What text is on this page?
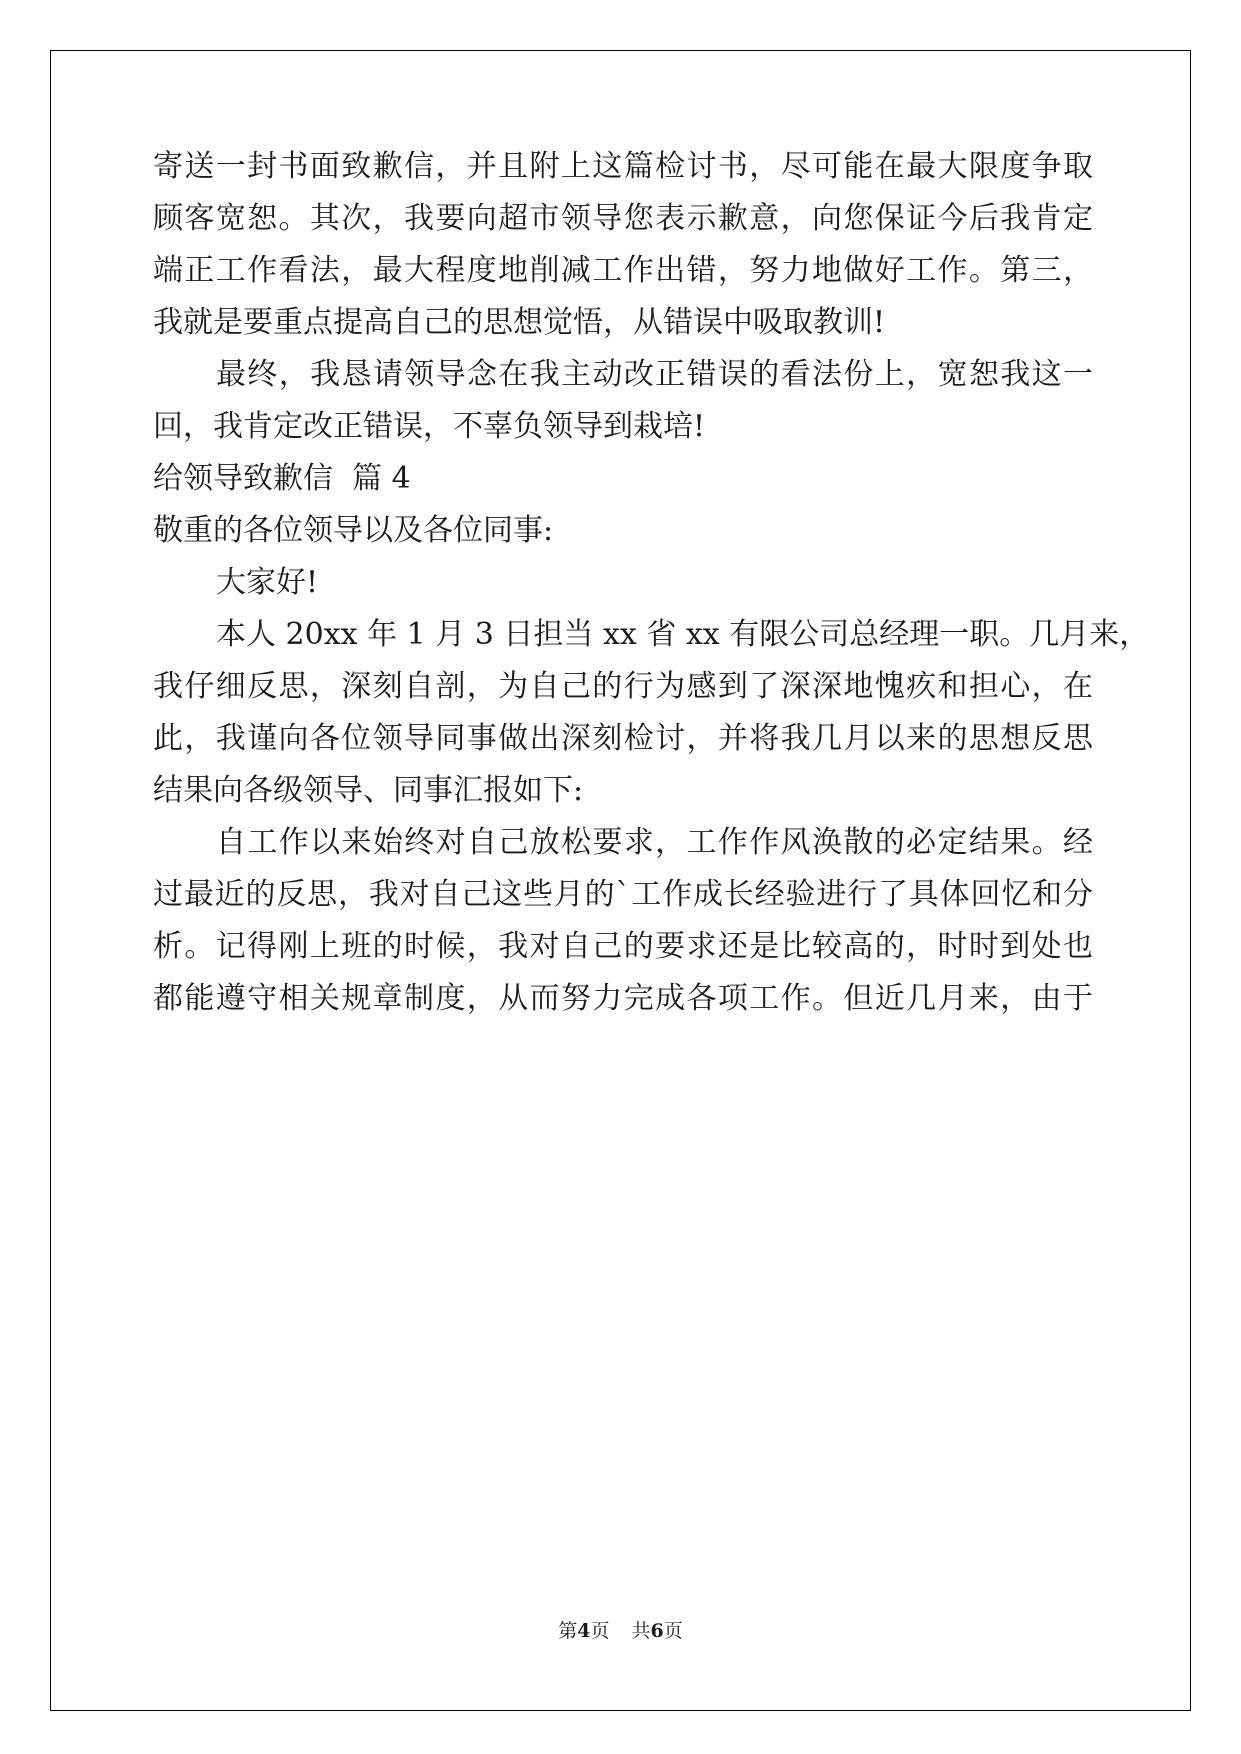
寄送一封书面致歉信，并且附上这篇检讨书，尽可能在最大限度争取
顾客宽恕。其次，我要向超市领导您表示歉意，向您保证今后我肯定
端正工作看法，最大程度地削减工作出错，努力地做好工作。第三，
我就是要重点提高自己的思想觉悟，从错误中吸取教训!
最终，我恳请领导念在我主动改正错误的看法份上，宽恕我这一
回，我肯定改正错误，不辜负领导到栽培!
给领导致歉信  篇 4
敬重的各位领导以及各位同事:
大家好!
本人 20xx 年 1 月 3 日担当 xx 省 xx 有限公司总经理一职。几月来，
我仔细反思，深刻自剖，为自己的行为感到了深深地愧疚和担心，在
此，我谨向各位领导同事做出深刻检讨，并将我几月以来的思想反思
结果向各级领导、同事汇报如下:
自工作以来始终对自己放松要求，工作作风涣散的必定结果。经
过最近的反思，我对自己这些月的`工作成长经验进行了具体回忆和分
析。记得刚上班的时候，我对自己的要求还是比较高的，时时到处也
都能遵守相关规章制度，从而努力完成各项工作。但近几月来，由于
第4页 共6页
